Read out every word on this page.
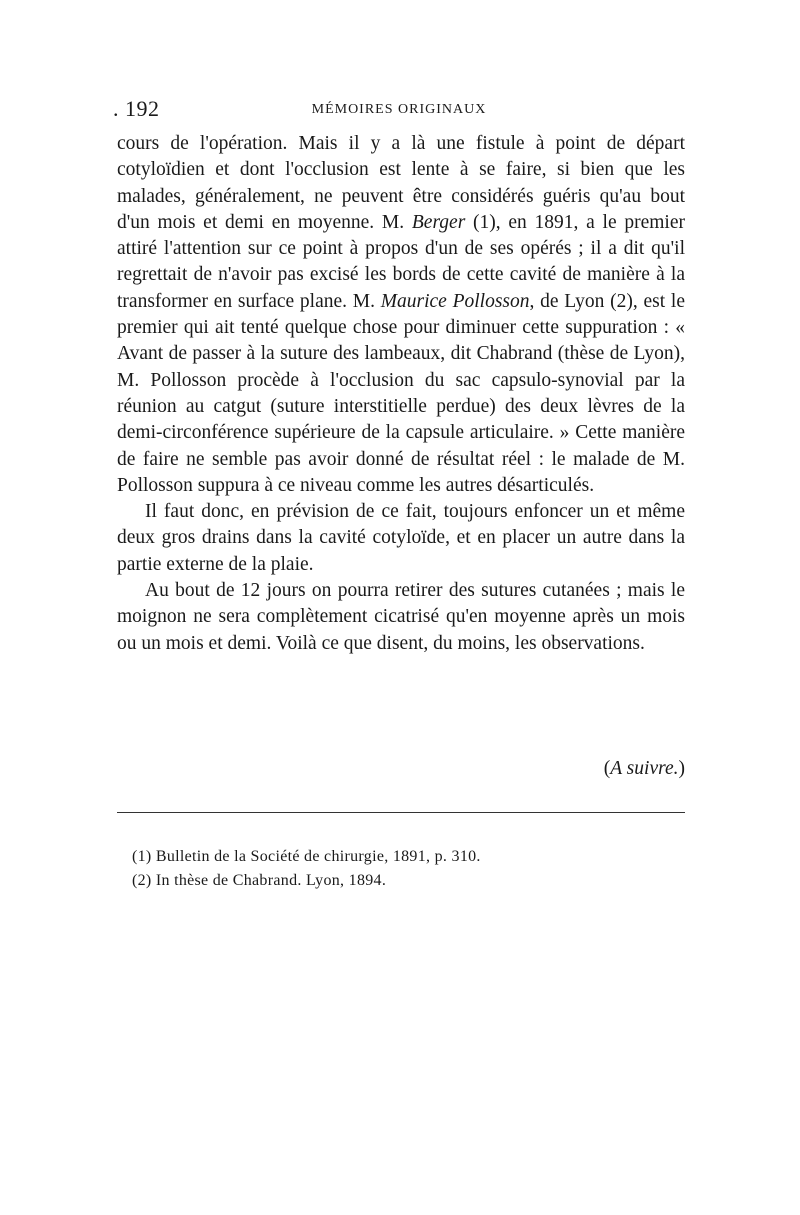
. 192	MÉMOIRES ORIGINAUX

cours de l'opération. Mais il y a là une fistule à point de départ cotyloïdien et dont l'occlusion est lente à se faire, si bien que les malades, généralement, ne peuvent être considérés guéris qu'au bout d'un mois et demi en moyenne. M. Berger (1), en 1891, a le premier attiré l'attention sur ce point à propos d'un de ses opérés ; il a dit qu'il regrettait de n'avoir pas excisé les bords de cette cavité de manière à la transformer en surface plane. M. Maurice Pollosson, de Lyon (2), est le premier qui ait tenté quelque chose pour diminuer cette suppuration : « Avant de passer à la suture des lambeaux, dit Chabrand (thèse de Lyon), M. Pollosson procède à l'occlusion du sac capsulo-synovial par la réunion au catgut (suture interstitielle perdue) des deux lèvres de la demi-circonférence supérieure de la capsule articulaire. » Cette manière de faire ne semble pas avoir donné de résultat réel : le malade de M. Pollosson suppura à ce niveau comme les autres désarticulés.

Il faut donc, en prévision de ce fait, toujours enfoncer un et même deux gros drains dans la cavité cotyloïde, et en placer un autre dans la partie externe de la plaie.

Au bout de 12 jours on pourra retirer des sutures cutanées ; mais le moignon ne sera complètement cicatrisé qu'en moyenne après un mois ou un mois et demi. Voilà ce que disent, du moins, les observations.

(A suivre.)

(1) Bulletin de la Société de chirurgie, 1891, p. 310.

(2) In thèse de Chabrand. Lyon, 1894.
